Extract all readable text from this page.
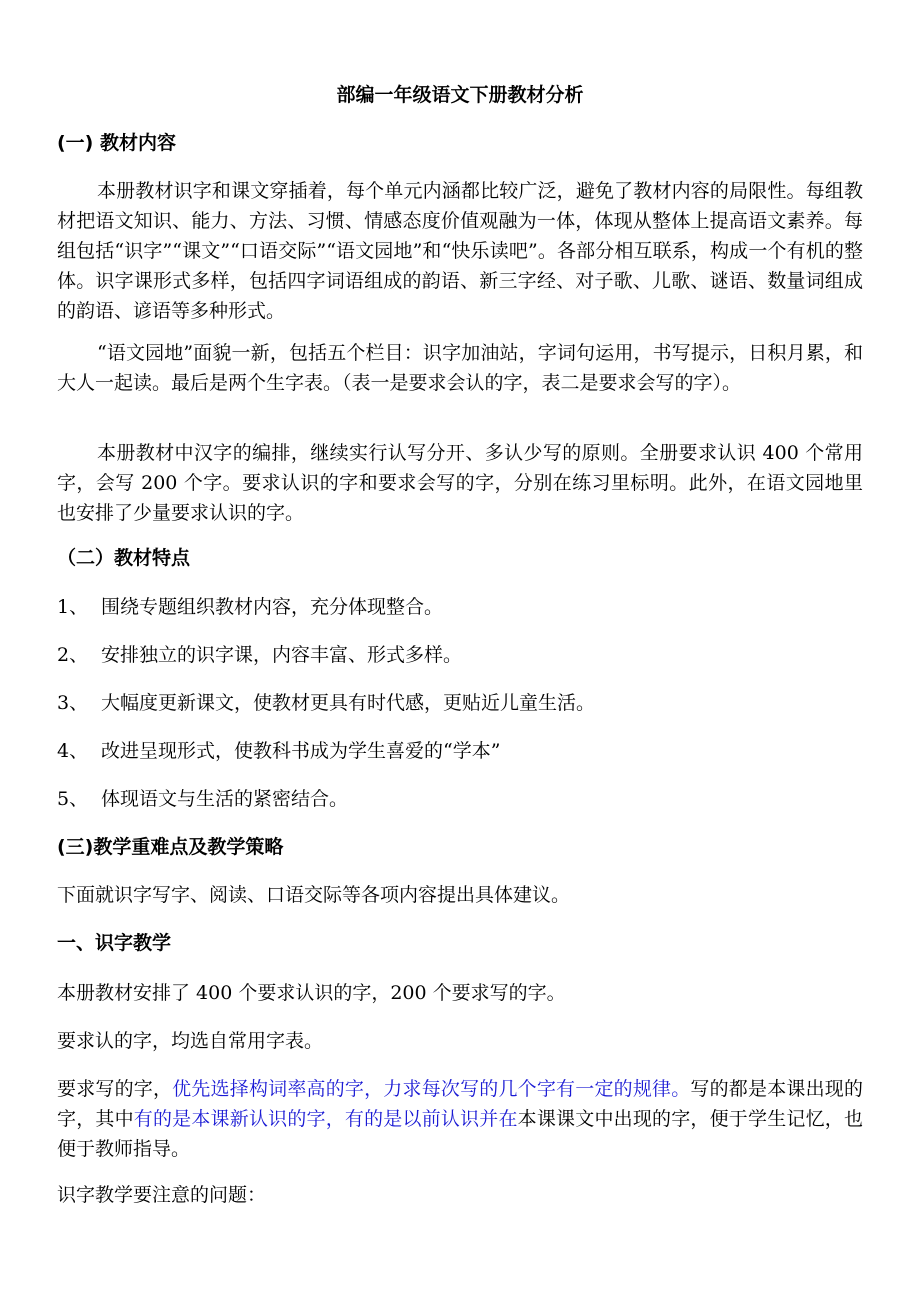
部编一年级语文下册教材分析
(一) 教材内容
本册教材识字和课文穿插着，每个单元内涵都比较广泛，避免了教材内容的局限性。每组教材把语文知识、能力、方法、习惯、情感态度价值观融为一体，体现从整体上提高语文素养。每组包括“识字”“课文”“口语交际”“语文园地”和“快乐读吧”。各部分相互联系，构成一个有机的整体。识字课形式多样，包括四字词语组成的韵语、新三字经、对子歌、儿歌、谜语、数量词组成的韵语、谚语等多种形式。
“语文园地”面貌一新，包括五个栏目：识字加油站，字词句运用，书写提示，日积月累，和大人一起读。最后是两个生字表。（表一是要求会认的字，表二是要求会写的字）。
本册教材中汉字的编排，继续实行认写分开、多认少写的原则。全册要求认识 400 个常用字，会写 200 个字。要求认识的字和要求会写的字，分别在练习里标明。此外，在语文园地里也安排了少量要求认识的字。
（二）教材特点
1、 围绕专题组织教材内容，充分体现整合。
2、 安排独立的识字课，内容丰富、形式多样。
3、 大幅度更新课文，使教材更具有时代感，更贴近儿童生活。
4、 改进呈现形式，使教科书成为学生喜爱的“学本”
5、 体现语文与生活的紧密结合。
(三)教学重难点及教学策略
下面就识字写字、阅读、口语交际等各项内容提出具体建议。
一、识字教学
本册教材安排了 400 个要求认识的字，200 个要求写的字。
要求认的字，均选自常用字表。
要求写的字，优先选择构词率高的字，力求每次写的几个字有一定的规律。写的都是本课出现的字，其中有的是本课新认识的字，有的是以前认识并在本课课文中出现的字，便于学生记忆，也便于教师指导。
识字教学要注意的问题：
